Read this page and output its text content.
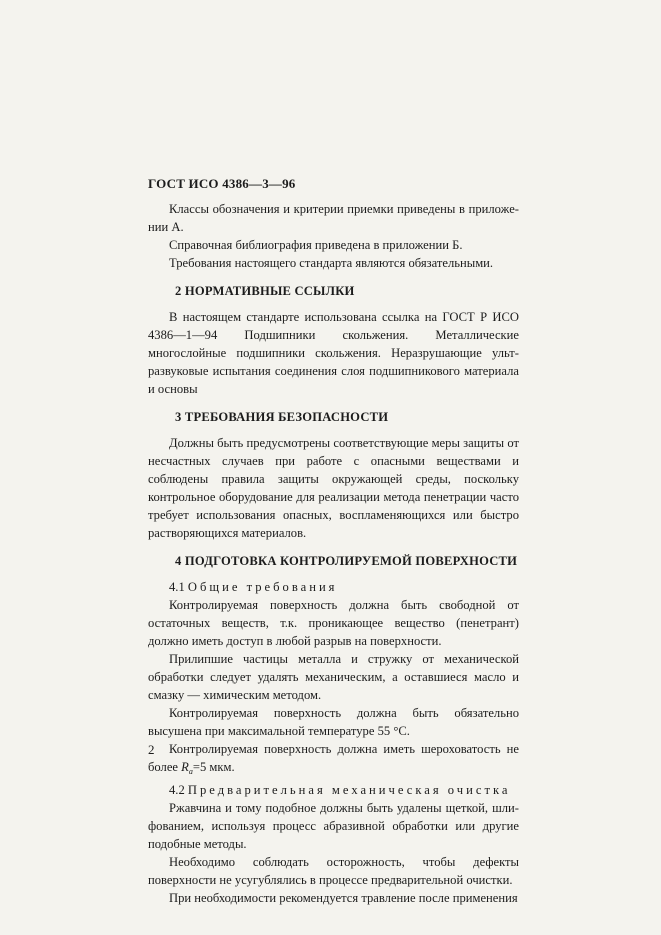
ГОСТ ИСО 4386—3—96

Классы обозначения и критерии приемки приведены в приложении А.

Справочная библиография приведена в приложении Б.

Требования настоящего стандарта являются обязательными.

2 НОРМАТИВНЫЕ ССЫЛКИ

В настоящем стандарте использована ссылка на ГОСТ Р ИСО 4386—1—94 Подшипники скольжения. Металлические многослойные подшипники скольжения. Неразрушающие ультразвуковые испытания соединения слоя подшипникового материала и основы

3 ТРЕБОВАНИЯ БЕЗОПАСНОСТИ

Должны быть предусмотрены соответствующие меры защиты от несчастных случаев при работе с опасными веществами и соблюдены правила защиты окружающей среды, поскольку контрольное оборудование для реализации метода пенетрации часто требует использования опасных, воспламеняющихся или быстро растворяющихся материалов.

4 ПОДГОТОВКА КОНТРОЛИРУЕМОЙ ПОВЕРХНОСТИ

4.1 Общие требования

Контролируемая поверхность должна быть свободной от остаточных веществ, т.к. проникающее вещество (пенетрант) должно иметь доступ в любой разрыв на поверхности.

Прилипшие частицы металла и стружку от механической обработки следует удалять механическим, а оставшиеся масло и смазку — химическим методом.

Контролируемая поверхность должна быть обязательно высушена при максимальной температуре 55 °С.

Контролируемая поверхность должна иметь шероховатость не более $R_a=5$ мкм.

4.2 Предварительная механическая очистка

Ржавчина и тому подобное должны быть удалены щеткой, шлифованием, используя процесс абразивной обработки или другие подобные методы.

Необходимо соблюдать осторожность, чтобы дефекты поверхности не усугублялись в процессе предварительной очистки.

При необходимости рекомендуется травление после применения

2
